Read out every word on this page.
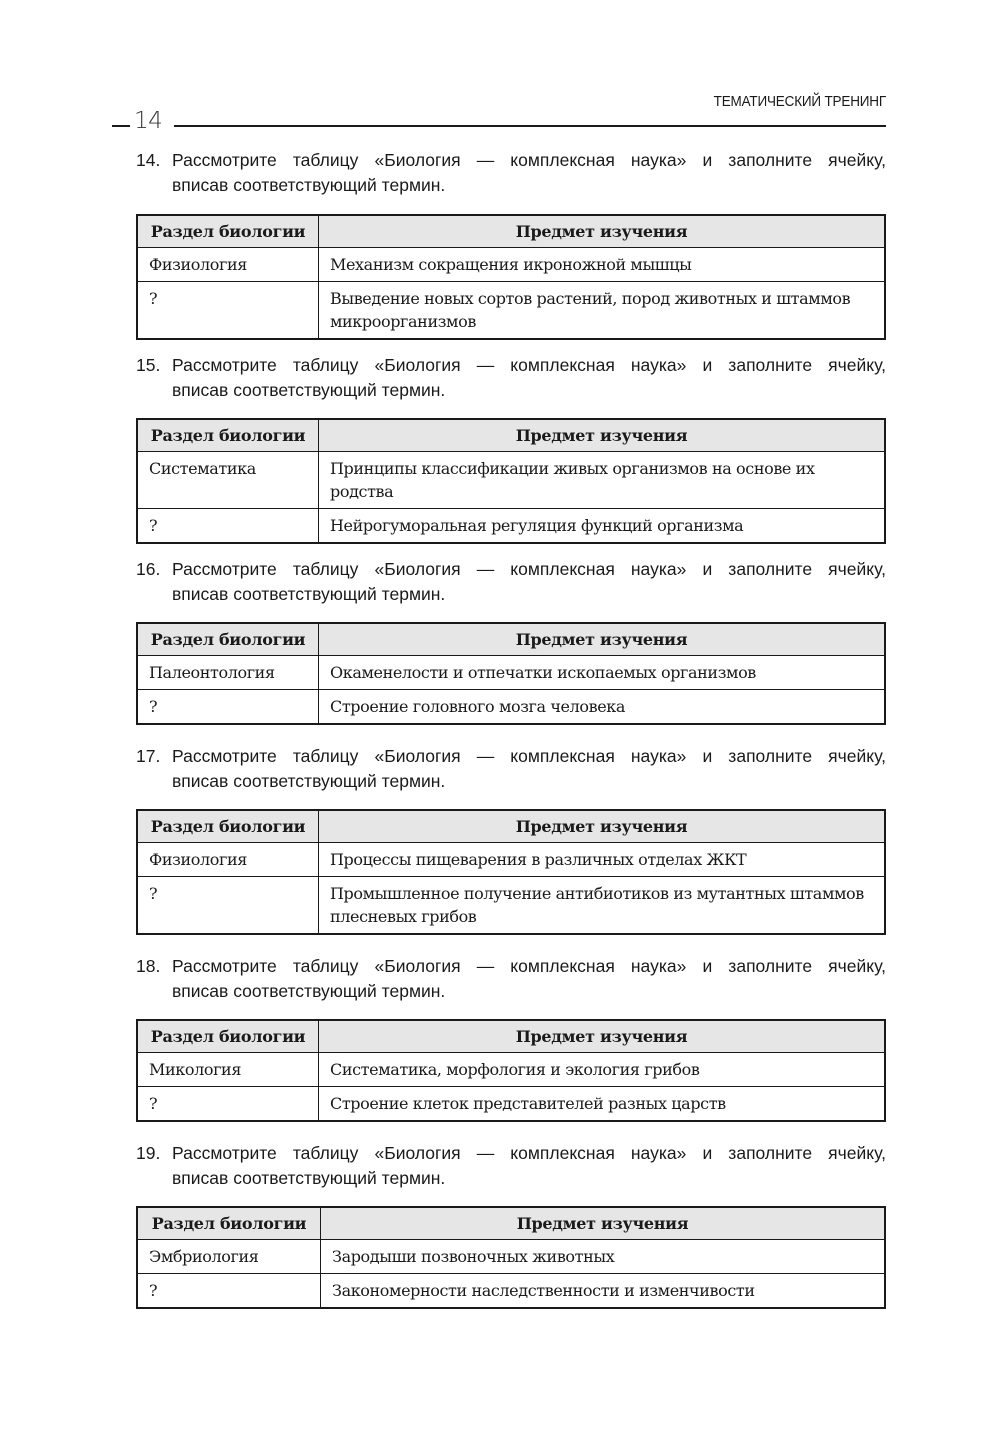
ТЕМАТИЧЕСКИЙ ТРЕНИНГ
14
14. Рассмотрите таблицу «Биология — комплексная наука» и заполните ячейку,
вписав соответствующий термин.
Раздел биологии	Предмет изучения
Физиология	Механизм сокращения икроножной мышцы
?	Выведение новых сортов растений, пород животных и штаммов микроорганизмов
15. Рассмотрите таблицу «Биология — комплексная наука» и заполните ячейку,
вписав соответствующий термин.
Раздел биологии	Предмет изучения
Систематика	Принципы классификации живых организмов на основе их родства
?	Нейрогуморальная регуляция функций организма
16. Рассмотрите таблицу «Биология — комплексная наука» и заполните ячейку,
вписав соответствующий термин.
Раздел биологии	Предмет изучения
Палеонтология	Окаменелости и отпечатки ископаемых организмов
?	Строение головного мозга человека
17. Рассмотрите таблицу «Биология — комплексная наука» и заполните ячейку,
вписав соответствующий термин.
Раздел биологии	Предмет изучения
Физиология	Процессы пищеварения в различных отделах ЖКТ
?	Промышленное получение антибиотиков из мутантных штаммов плесневых грибов
18. Рассмотрите таблицу «Биология — комплексная наука» и заполните ячейку,
вписав соответствующий термин.
Раздел биологии	Предмет изучения
Микология	Систематика, морфология и экология грибов
?	Строение клеток представителей разных царств
19. Рассмотрите таблицу «Биология — комплексная наука» и заполните ячейку,
вписав соответствующий термин.
Раздел биологии	Предмет изучения
Эмбриология	Зародыши позвоночных животных
?	Закономерности наследственности и изменчивости
